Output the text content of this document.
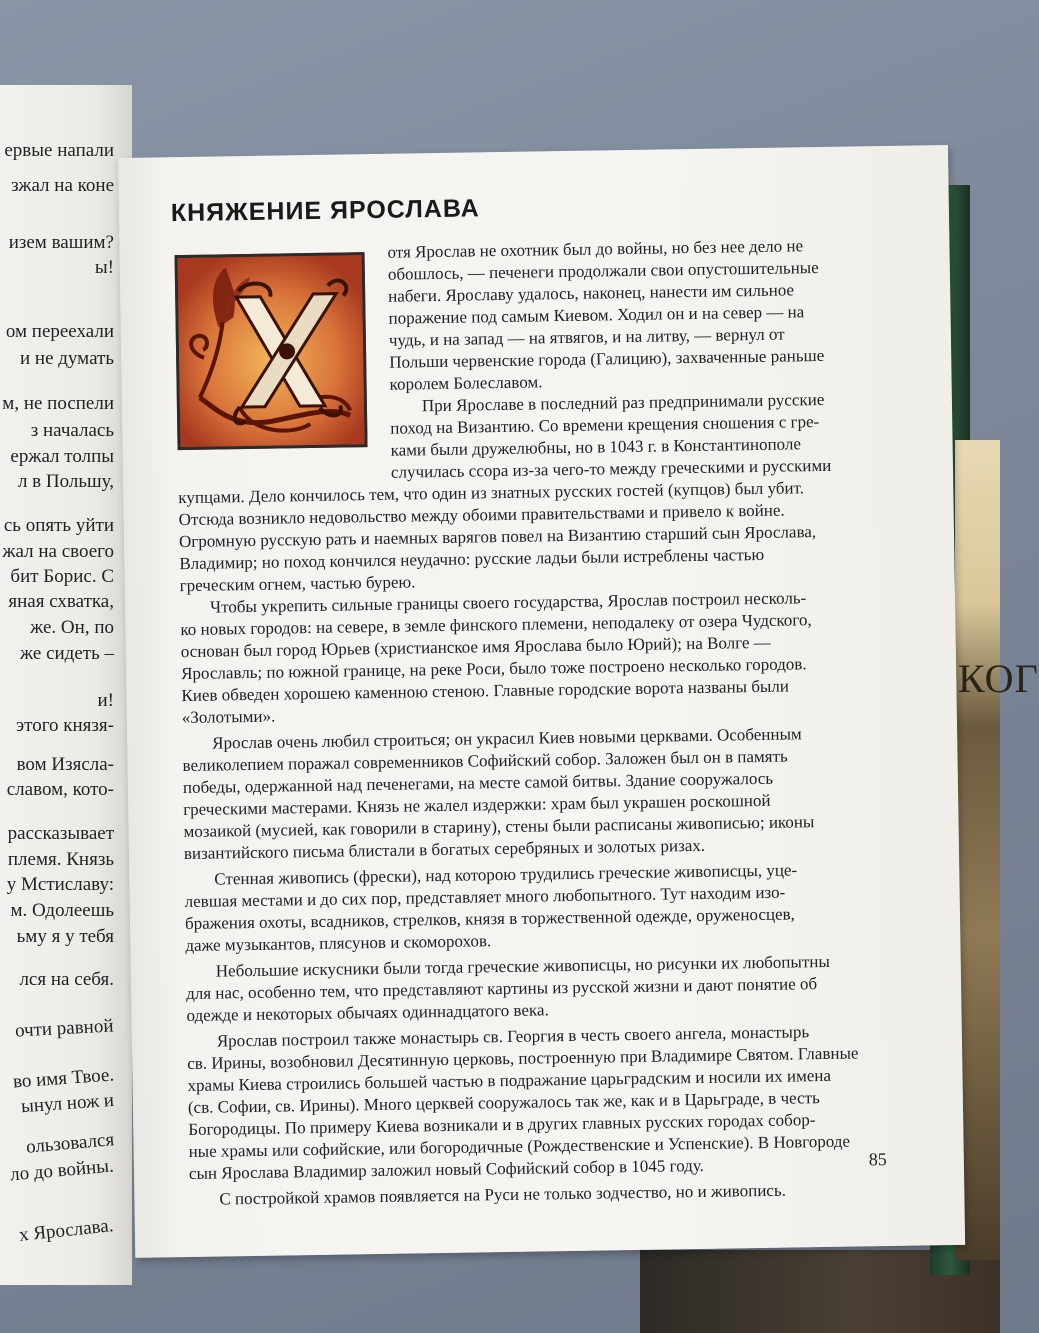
КОГ
ервые напали
зжал на коне
изем вашим?
ы!
ом переехали
и не думать
м, не поспели
з началась
ержал толпы
л в Польшу,
сь опять уйти
жал на своего
бит Борис. С
яная схватка,
же. Он, по
же сидеть –
и!
этого князя-
вом Изясла-
славом, кото-
рассказывает
племя. Князь
у Мстиславу:
м. Одолеешь
ьму я у тебя
лся на себя.
очти равной
во имя Твое.
ынул нож и
ользовался
ло до войны.
х Ярослава.
КНЯЖЕНИЕ ЯРОСЛАВА
отя Ярослав не охотник был до войны, но без нее дело не
обошлось, — печенеги продолжали свои опустошительные
набеги. Ярославу удалось, наконец, нанести им сильное
поражение под самым Киевом. Ходил он и на север — на
чудь, и на запад — на ятвягов, и на литву, — вернул от
Польши червенские города (Галицию), захваченные раньше
королем Болеславом.
При Ярославе в последний раз предпринимали русские
поход на Византию. Со времени крещения сношения с гре-
ками были дружелюбны, но в 1043 г. в Константинополе
случилась ссора из-за чего-то между греческими и русскими
купцами. Дело кончилось тем, что один из знатных русских гостей (купцов) был убит.
Отсюда возникло недовольство между обоими правительствами и привело к войне.
Огромную русскую рать и наемных варягов повел на Византию старший сын Ярослава,
Владимир; но поход кончился неудачно: русские ладьи были истреблены частью
греческим огнем, частью бурею.
Чтобы укрепить сильные границы своего государства, Ярослав построил несколь-
ко новых городов: на севере, в земле финского племени, неподалеку от озера Чудского,
основан был город Юрьев (христианское имя Ярослава было Юрий); на Волге —
Ярославль; по южной границе, на реке Роси, было тоже построено несколько городов.
Киев обведен хорошею каменною стеною. Главные городские ворота названы были
«Золотыми».
Ярослав очень любил строиться; он украсил Киев новыми церквами. Особенным
великолепием поражал современников Софийский собор. Заложен был он в память
победы, одержанной над печенегами, на месте самой битвы. Здание сооружалось
греческими мастерами. Князь не жалел издержки: храм был украшен роскошной
мозаикой (мусией, как говорили в старину), стены были расписаны живописью; иконы
византийского письма блистали в богатых серебряных и золотых ризах.
Стенная живопись (фрески), над которою трудились греческие живописцы, уце-
левшая местами и до сих пор, представляет много любопытного. Тут находим изо-
бражения охоты, всадников, стрелков, князя в торжественной одежде, оруженосцев,
даже музыкантов, плясунов и скоморохов.
Небольшие искусники были тогда греческие живописцы, но рисунки их любопытны
для нас, особенно тем, что представляют картины из русской жизни и дают понятие об
одежде и некоторых обычаях одиннадцатого века.
Ярослав построил также монастырь св. Георгия в честь своего ангела, монастырь
св. Ирины, возобновил Десятинную церковь, построенную при Владимире Святом. Главные
храмы Киева строились большей частью в подражание царьградским и носили их имена
(св. Софии, св. Ирины). Много церквей сооружалось так же, как и в Царьграде, в честь
Богородицы. По примеру Киева возникали и в других главных русских городах собор-
ные храмы или софийские, или богородичные (Рождественские и Успенские). В Новгороде
сын Ярослава Владимир заложил новый Софийский собор в 1045 году.
С постройкой храмов появляется на Руси не только зодчество, но и живопись.
85
